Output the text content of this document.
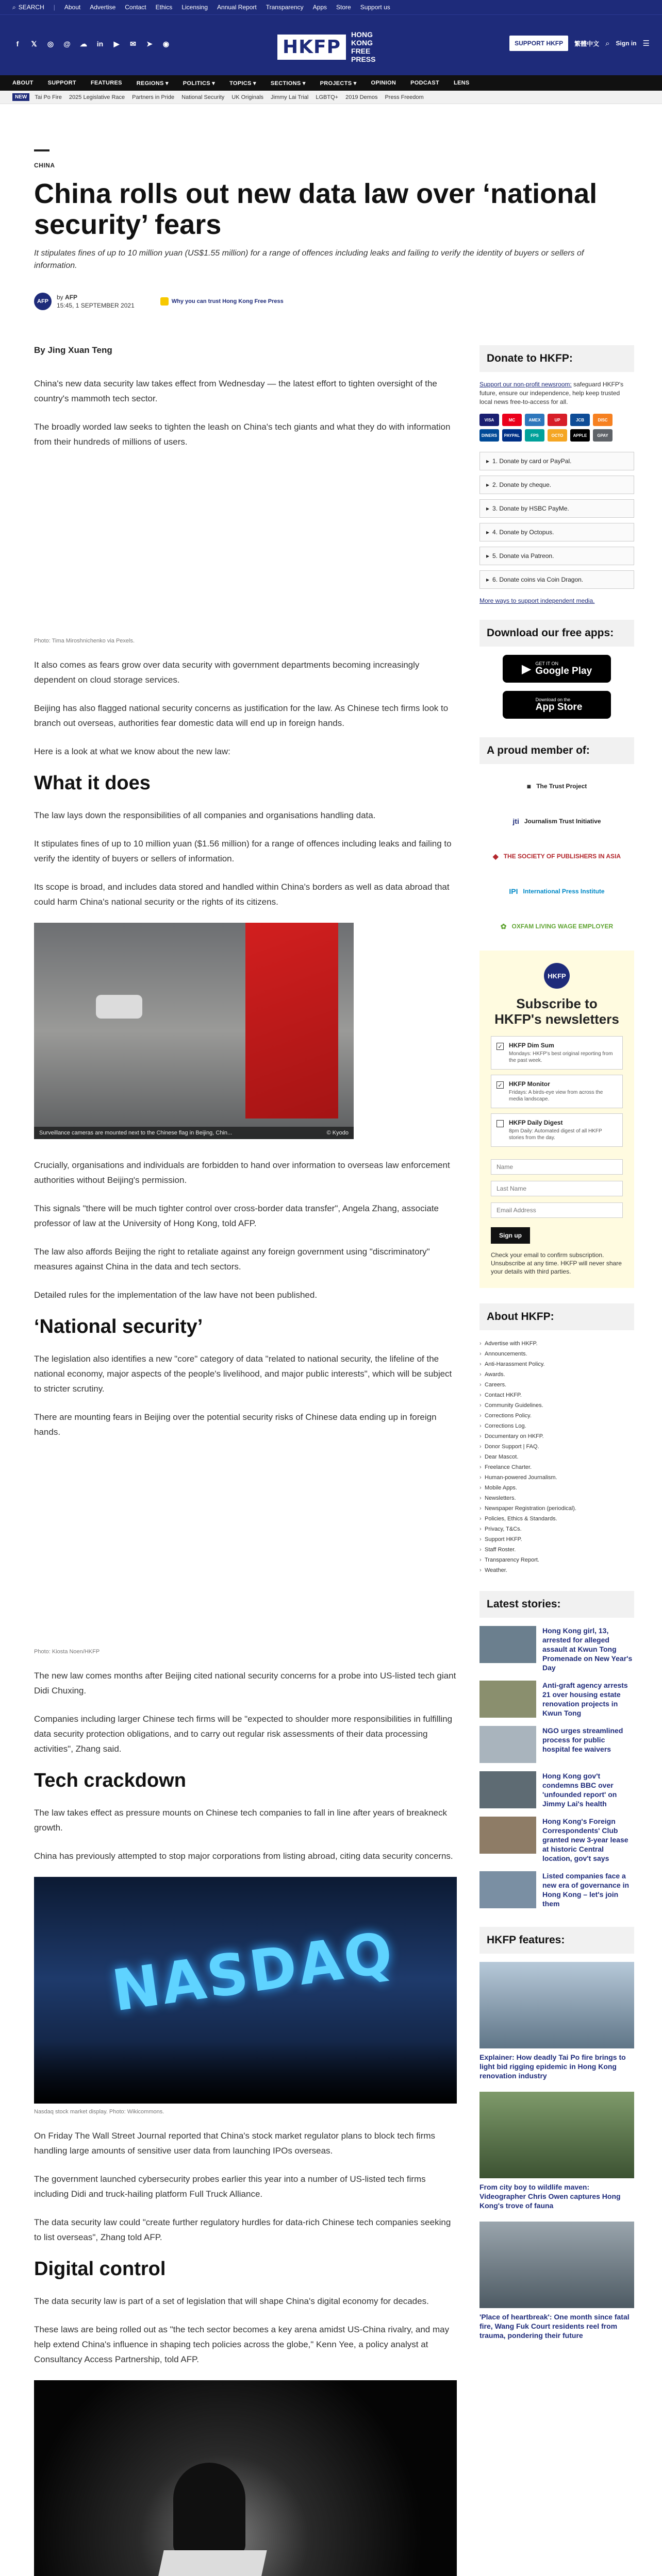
⌕ SEARCH | About Advertise Contact Ethics Licensing Annual Report Transparency Apps Store Support us
f	𝕏	◎ @ ☁ in	▶	✉ ➤ ◉	HKFP
HONG KONG FREE PRESS
SUPPORT HKFP	繁體中文 ⌕ Sign in ☰
ABOUT	SUPPORT	FEATURES	REGIONS ▾	POLITICS ▾	TOPICS ▾	SECTIONS ▾	PROJECTS ▾	OPINION	PODCAST	LENS
NEW	Tai Po Fire 2025 Legislative Race Partners in Pride National Security UK Originals Jimmy Lai Trial LGBTQ+ 2019 Demos Press Freedom
CHINA
China rolls out new data law over ‘national security’ fears
It stipulates fines of up to 10 million yuan (US$1.55 million) for a range of offences including leaks and failing to verify the identity of buyers or sellers of information.
AFP
by AFP
15:45, 1 SEPTEMBER 2021
Why you can trust Hong Kong Free Press
By Jing Xuan Teng

China's new data security law takes effect from Wednesday — the latest effort to tighten oversight of the country's mammoth tech sector.

The broadly worded law seeks to tighten the leash on China's tech giants and what they do with information from their hundreds of millions of users.

Photo: Tima Miroshnichenko via Pexels.

It also comes as fears grow over data security with government departments becoming increasingly dependent on cloud storage services.

Beijing has also flagged national security concerns as justification for the law. As Chinese tech firms look to branch out overseas, authorities fear domestic data will end up in foreign hands.

Here is a look at what we know about the new law:

What it does

The law lays down the responsibilities of all companies and organisations handling data.

It stipulates fines of up to 10 million yuan ($1.56 million) for a range of offences including leaks and failing to verify the identity of buyers or sellers of information.

Its scope is broad, and includes data stored and handled within China's borders as well as data abroad that could harm China's national security or the rights of its citizens.

Surveillance cameras are mounted next to the Chinese flag in Beijing, Chin...	© Kyodo

Crucially, organisations and individuals are forbidden to hand over information to overseas law enforcement authorities without Beijing's permission.

This signals "there will be much tighter control over cross-border data transfer", Angela Zhang, associate professor of law at the University of Hong Kong, told AFP.

The law also affords Beijing the right to retaliate against any foreign government using "discriminatory" measures against China in the data and tech sectors.

Detailed rules for the implementation of the law have not been published.

‘National security’

The legislation also identifies a new "core" category of data "related to national security, the lifeline of the national economy, major aspects of the people's livelihood, and major public interests", which will be subject to stricter scrutiny.

There are mounting fears in Beijing over the potential security risks of Chinese data ending up in foreign hands.

Photo: Kiosta Noen/HKFP

The new law comes months after Beijing cited national security concerns for a probe into US-listed tech giant Didi Chuxing.

Companies including larger Chinese tech firms will be "expected to shoulder more responsibilities in fulfilling data security protection obligations, and to carry out regular risk assessments of their data processing activities", Zhang said.

Tech crackdown

The law takes effect as pressure mounts on Chinese tech companies to fall in line after years of breakneck growth.

China has previously attempted to stop major corporations from listing abroad, citing data security concerns.

NASDAQ
Nasdaq stock market display. Photo: Wikicommons.

On Friday The Wall Street Journal reported that China's stock market regulator plans to block tech firms handling large amounts of sensitive user data from launching IPOs overseas.

The government launched cybersecurity probes earlier this year into a number of US-listed tech firms including Didi and truck-hailing platform Full Truck Alliance.

The data security law could "create further regulatory hurdles for data-rich Chinese tech companies seeking to list overseas", Zhang told AFP.

Digital control

The data security law is part of a set of legislation that will shape China's digital economy for decades.

These laws are being rolled out as "the tech sector becomes a key arena amidst US-China rivalry, and may help extend China's influence in shaping tech policies across the globe," Kenn Yee, a policy analyst at Consultancy Access Partnership, told AFP.

Donate to HKFP:
Support our non-profit newsroom: safeguard HKFP's future, ensure our independence, help keep trusted local news free-to-access for all.
VISA	MC	AMEX	UP	JCB	DISC
DINERS	PAYPAL	FPS	OCTO	APPLE	GPAY
▸ 1. Donate by card or PayPal.
▸ 2. Donate by cheque.
▸ 3. Donate by HSBC PayMe.
▸ 4. Donate by Octopus.
▸ 5. Donate via Patreon.
▸ 6. Donate coins via Coin Dragon.
More ways to support independent media.
Download our free apps:
▶ GET IT ON
Google Play
Download on the
App Store
A proud member of:
■ The Trust Project
jti Journalism Trust Initiative
◆ THE SOCIETY OF PUBLISHERS IN ASIA
IPI International Press Institute
✿ OXFAM LIVING WAGE EMPLOYER
HKFP
Subscribe to HKFP's newsletters
✓ HKFP Dim Sum
Mondays: HKFP's best original reporting from the past week.
✓ HKFP Monitor
Fridays: A birds-eye view from across the media landscape.
HKFP Daily Digest
8pm Daily: Automated digest of all HKFP stories from the day.
Name Last Name Email Address Sign up
Check your email to confirm subscription. Unsubscribe at any time. HKFP will never share your details with third parties.
About HKFP:
› Advertise with HKFP.
› Announcements.
› Anti-Harassment Policy.
› Awards.
› Careers.
› Contact HKFP.
› Community Guidelines.
› Corrections Policy.
› Corrections Log.
› Documentary on HKFP.
› Donor Support | FAQ.
› Dear Mascot.
› Freelance Charter.
› Human-powered Journalism.
› Mobile Apps.
› Newsletters.
› Newspaper Registration (periodical).
› Policies, Ethics & Standards.
› Privacy, T&Cs.
› Support HKFP.
› Staff Roster.
› Transparency Report.
› Weather.
Latest stories:
Hong Kong girl, 13, arrested for alleged assault at Kwun Tong Promenade on New Year's Day
Anti-graft agency arrests 21 over housing estate renovation projects in Kwun Tong
NGO urges streamlined process for public hospital fee waivers
Hong Kong gov't condemns BBC over 'unfounded report' on Jimmy Lai's health
Hong Kong's Foreign Correspondents' Club granted new 3-year lease at historic Central location, gov't says
Listed companies face a new era of governance in Hong Kong – let's join them
HKFP features:
Explainer: How deadly Tai Po fire brings to light bid rigging epidemic in Hong Kong renovation industry
From city boy to wildlife maven: Videographer Chris Owen captures Hong Kong's trove of fauna
'Place of heartbreak': One month since fatal fire, Wang Fuk Court residents reel from trauma, pondering their future
